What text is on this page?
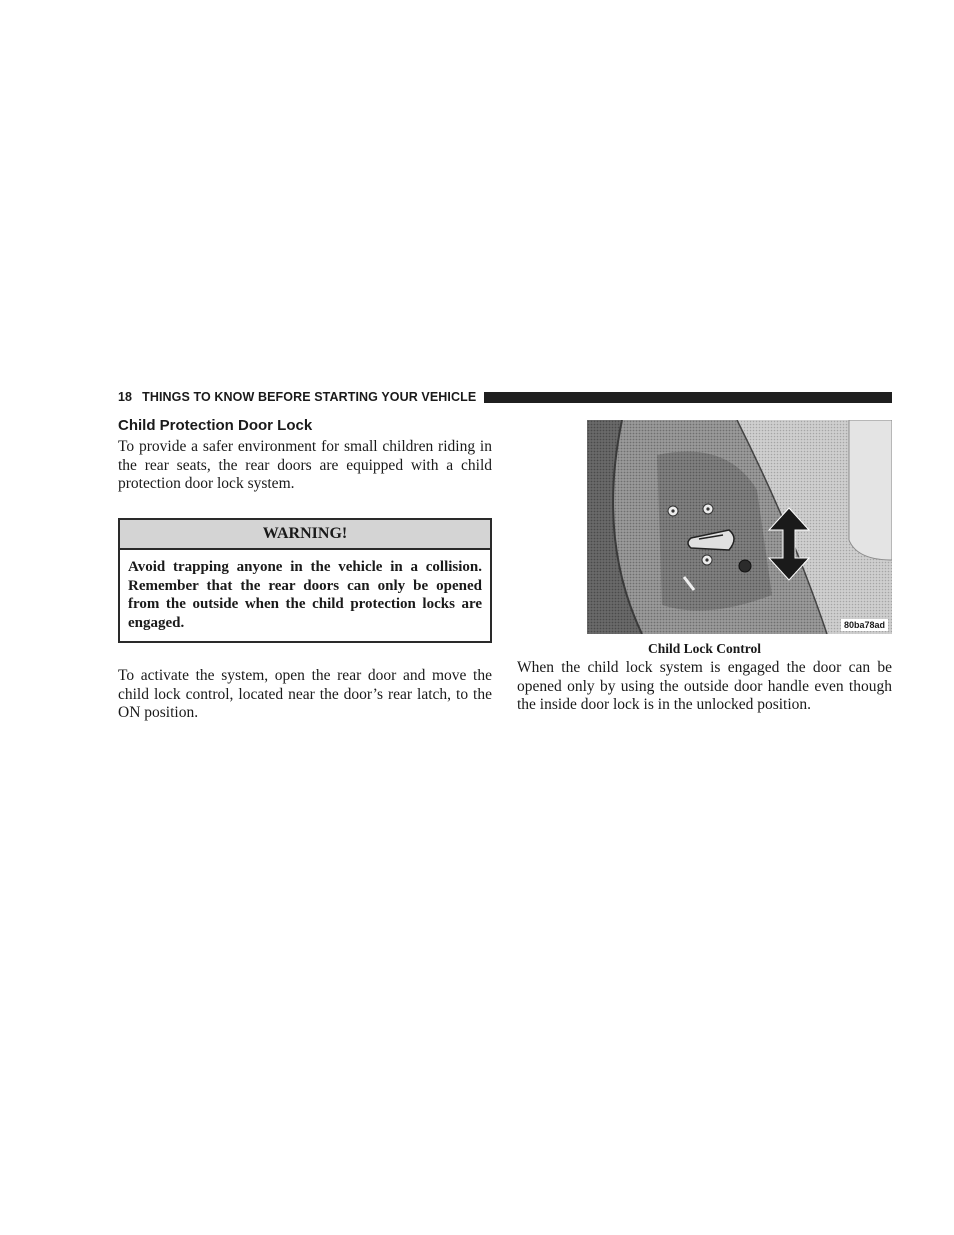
18 THINGS TO KNOW BEFORE STARTING YOUR VEHICLE
Child Protection Door Lock

To provide a safer environment for small children riding in the rear seats, the rear doors are equipped with a child protection door lock system.

WARNING!
Avoid trapping anyone in the vehicle in a collision. Remember that the rear doors can only be opened from the outside when the child protection locks are engaged.

To activate the system, open the rear door and move the child lock control, located near the door’s rear latch, to the ON position.

80ba78ad
Child Lock Control

When the child lock system is engaged the door can be opened only by using the outside door handle even though the inside door lock is in the unlocked position.
